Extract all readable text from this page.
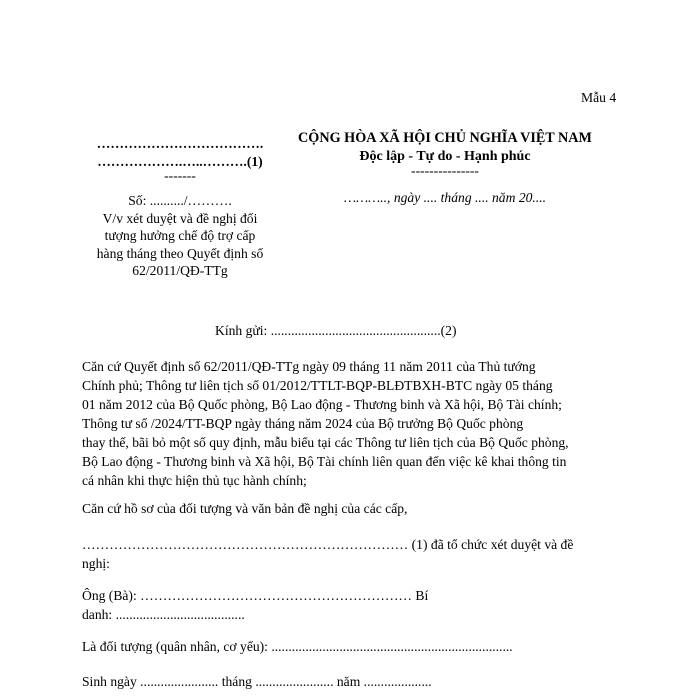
Mẫu 4
……………………………….
……………….…..……….(1)
-------
Số: ........../……….
V/v xét duyệt và đề nghị đối
tượng hưởng chế độ trợ cấp
hàng tháng theo Quyết định số
62/2011/QĐ-TTg
CỘNG HÒA XÃ HỘI CHỦ NGHĨA VIỆT NAM
Độc lập - Tự do - Hạnh phúc
---------------
……….., ngày .... tháng .... năm 20....
Kính gửi: ..................................................(2)
Căn cứ Quyết định số 62/2011/QĐ-TTg ngày 09 tháng 11 năm 2011 của Thủ tướng
Chính phủ; Thông tư liên tịch số 01/2012/TTLT-BQP-BLĐTBXH-BTC ngày 05 tháng
01 năm 2012 của Bộ Quốc phòng, Bộ Lao động - Thương binh và Xã hội, Bộ Tài chính;
Thông tư số /2024/TT-BQP ngày tháng năm 2024 của Bộ trưởng Bộ Quốc phòng
thay thế, bãi bỏ một số quy định, mẫu biểu tại các Thông tư liên tịch của Bộ Quốc phòng,
Bộ Lao động - Thương binh và Xã hội, Bộ Tài chính liên quan đến việc kê khai thông tin
cá nhân khi thực hiện thủ tục hành chính;
Căn cứ hồ sơ của đối tượng và văn bản đề nghị của các cấp,
……………………………………………………………… (1) đã tổ chức xét duyệt và đề
nghị:
Ông (Bà): …………………………………………………… Bí
danh: ......................................
Là đối tượng (quân nhân, cơ yếu): .......................................................................
Sinh ngày ....................... tháng ....................... năm ....................
